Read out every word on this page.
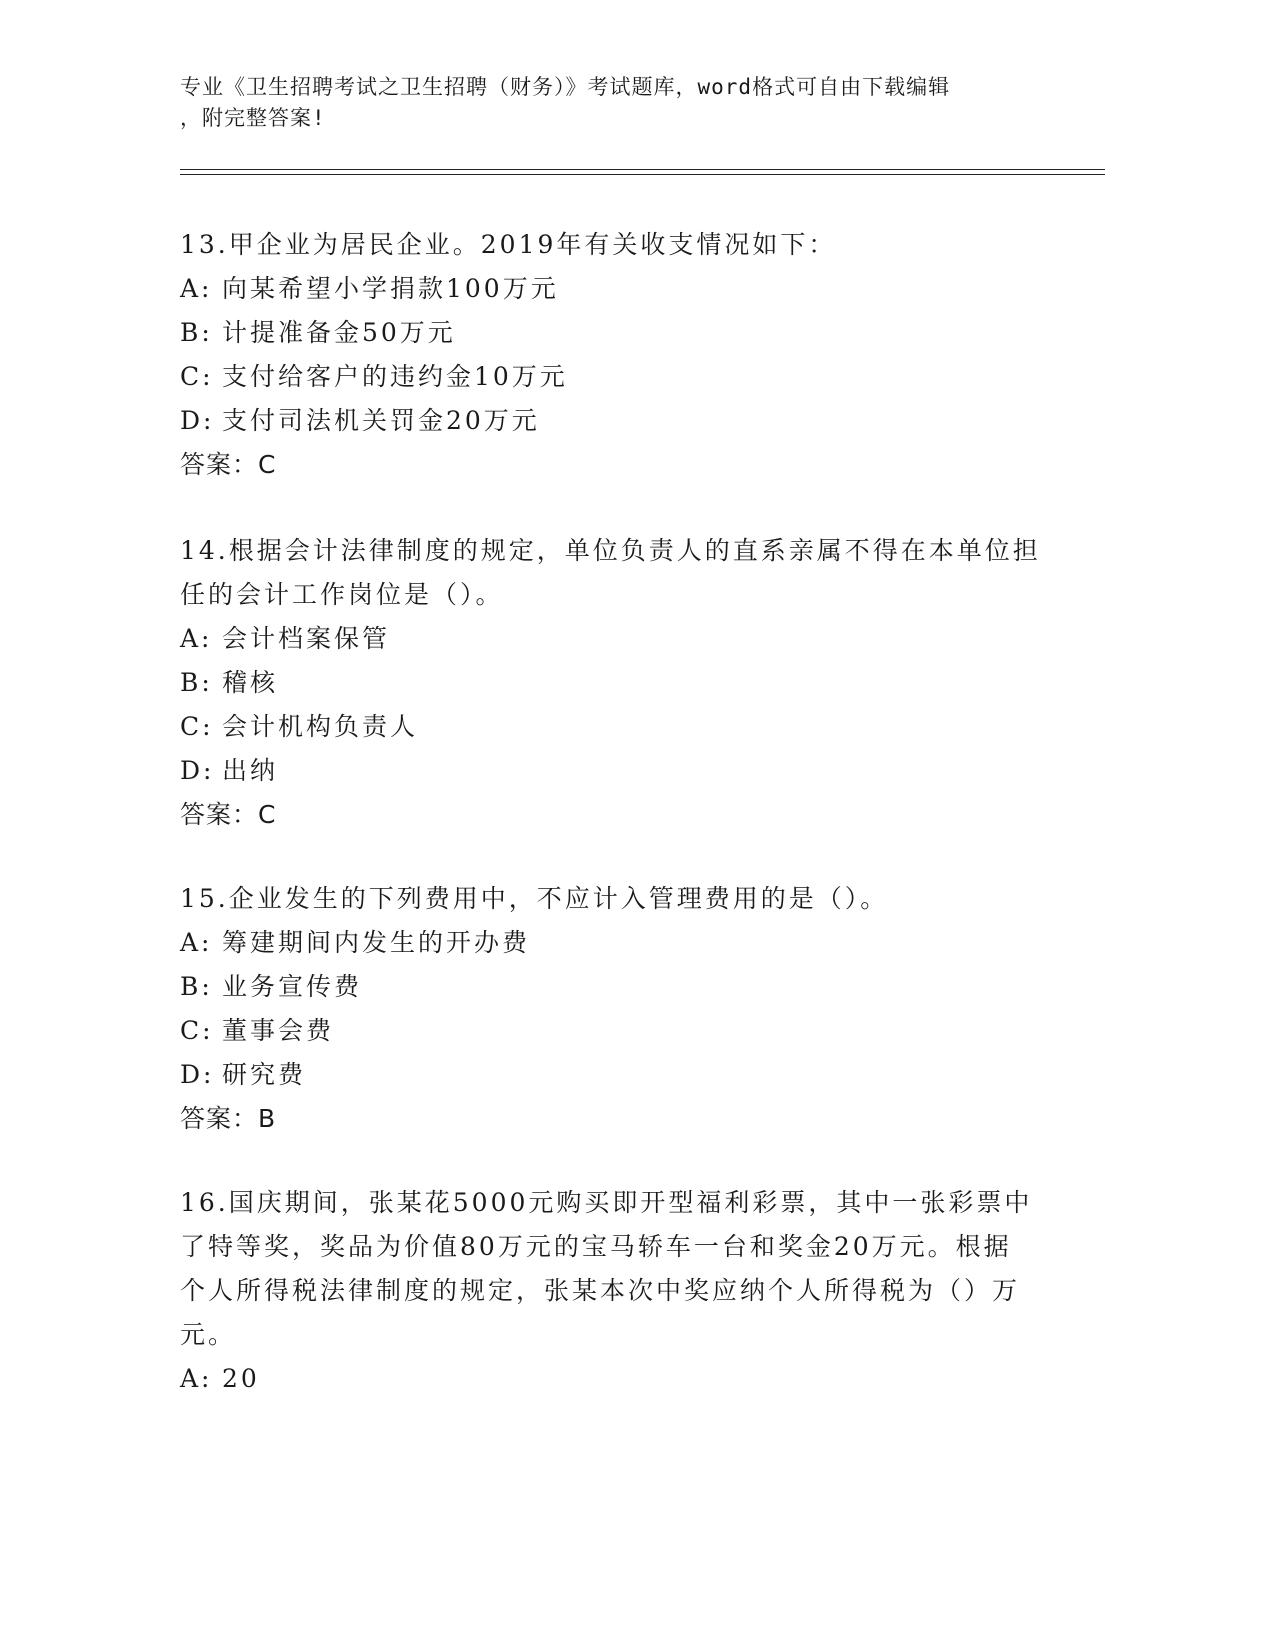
专业《卫生招聘考试之卫生招聘（财务）》考试题库，word格式可自由下载编辑
，附完整答案!
13.甲企业为居民企业。2019年有关收支情况如下：
A: 向某希望小学捐款100万元
B: 计提准备金50万元
C: 支付给客户的违约金10万元
D: 支付司法机关罚金20万元
答案：C
14.根据会计法律制度的规定，单位负责人的直系亲属不得在本单位担
任的会计工作岗位是（）。
A: 会计档案保管
B: 稽核
C: 会计机构负责人
D: 出纳
答案：C
15.企业发生的下列费用中，不应计入管理费用的是（）。
A: 筹建期间内发生的开办费
B: 业务宣传费
C: 董事会费
D: 研究费
答案：B
16.国庆期间，张某花5000元购买即开型福利彩票，其中一张彩票中
了特等奖，奖品为价值80万元的宝马轿车一台和奖金20万元。根据
个人所得税法律制度的规定，张某本次中奖应纳个人所得税为（）万
元。
A: 20
